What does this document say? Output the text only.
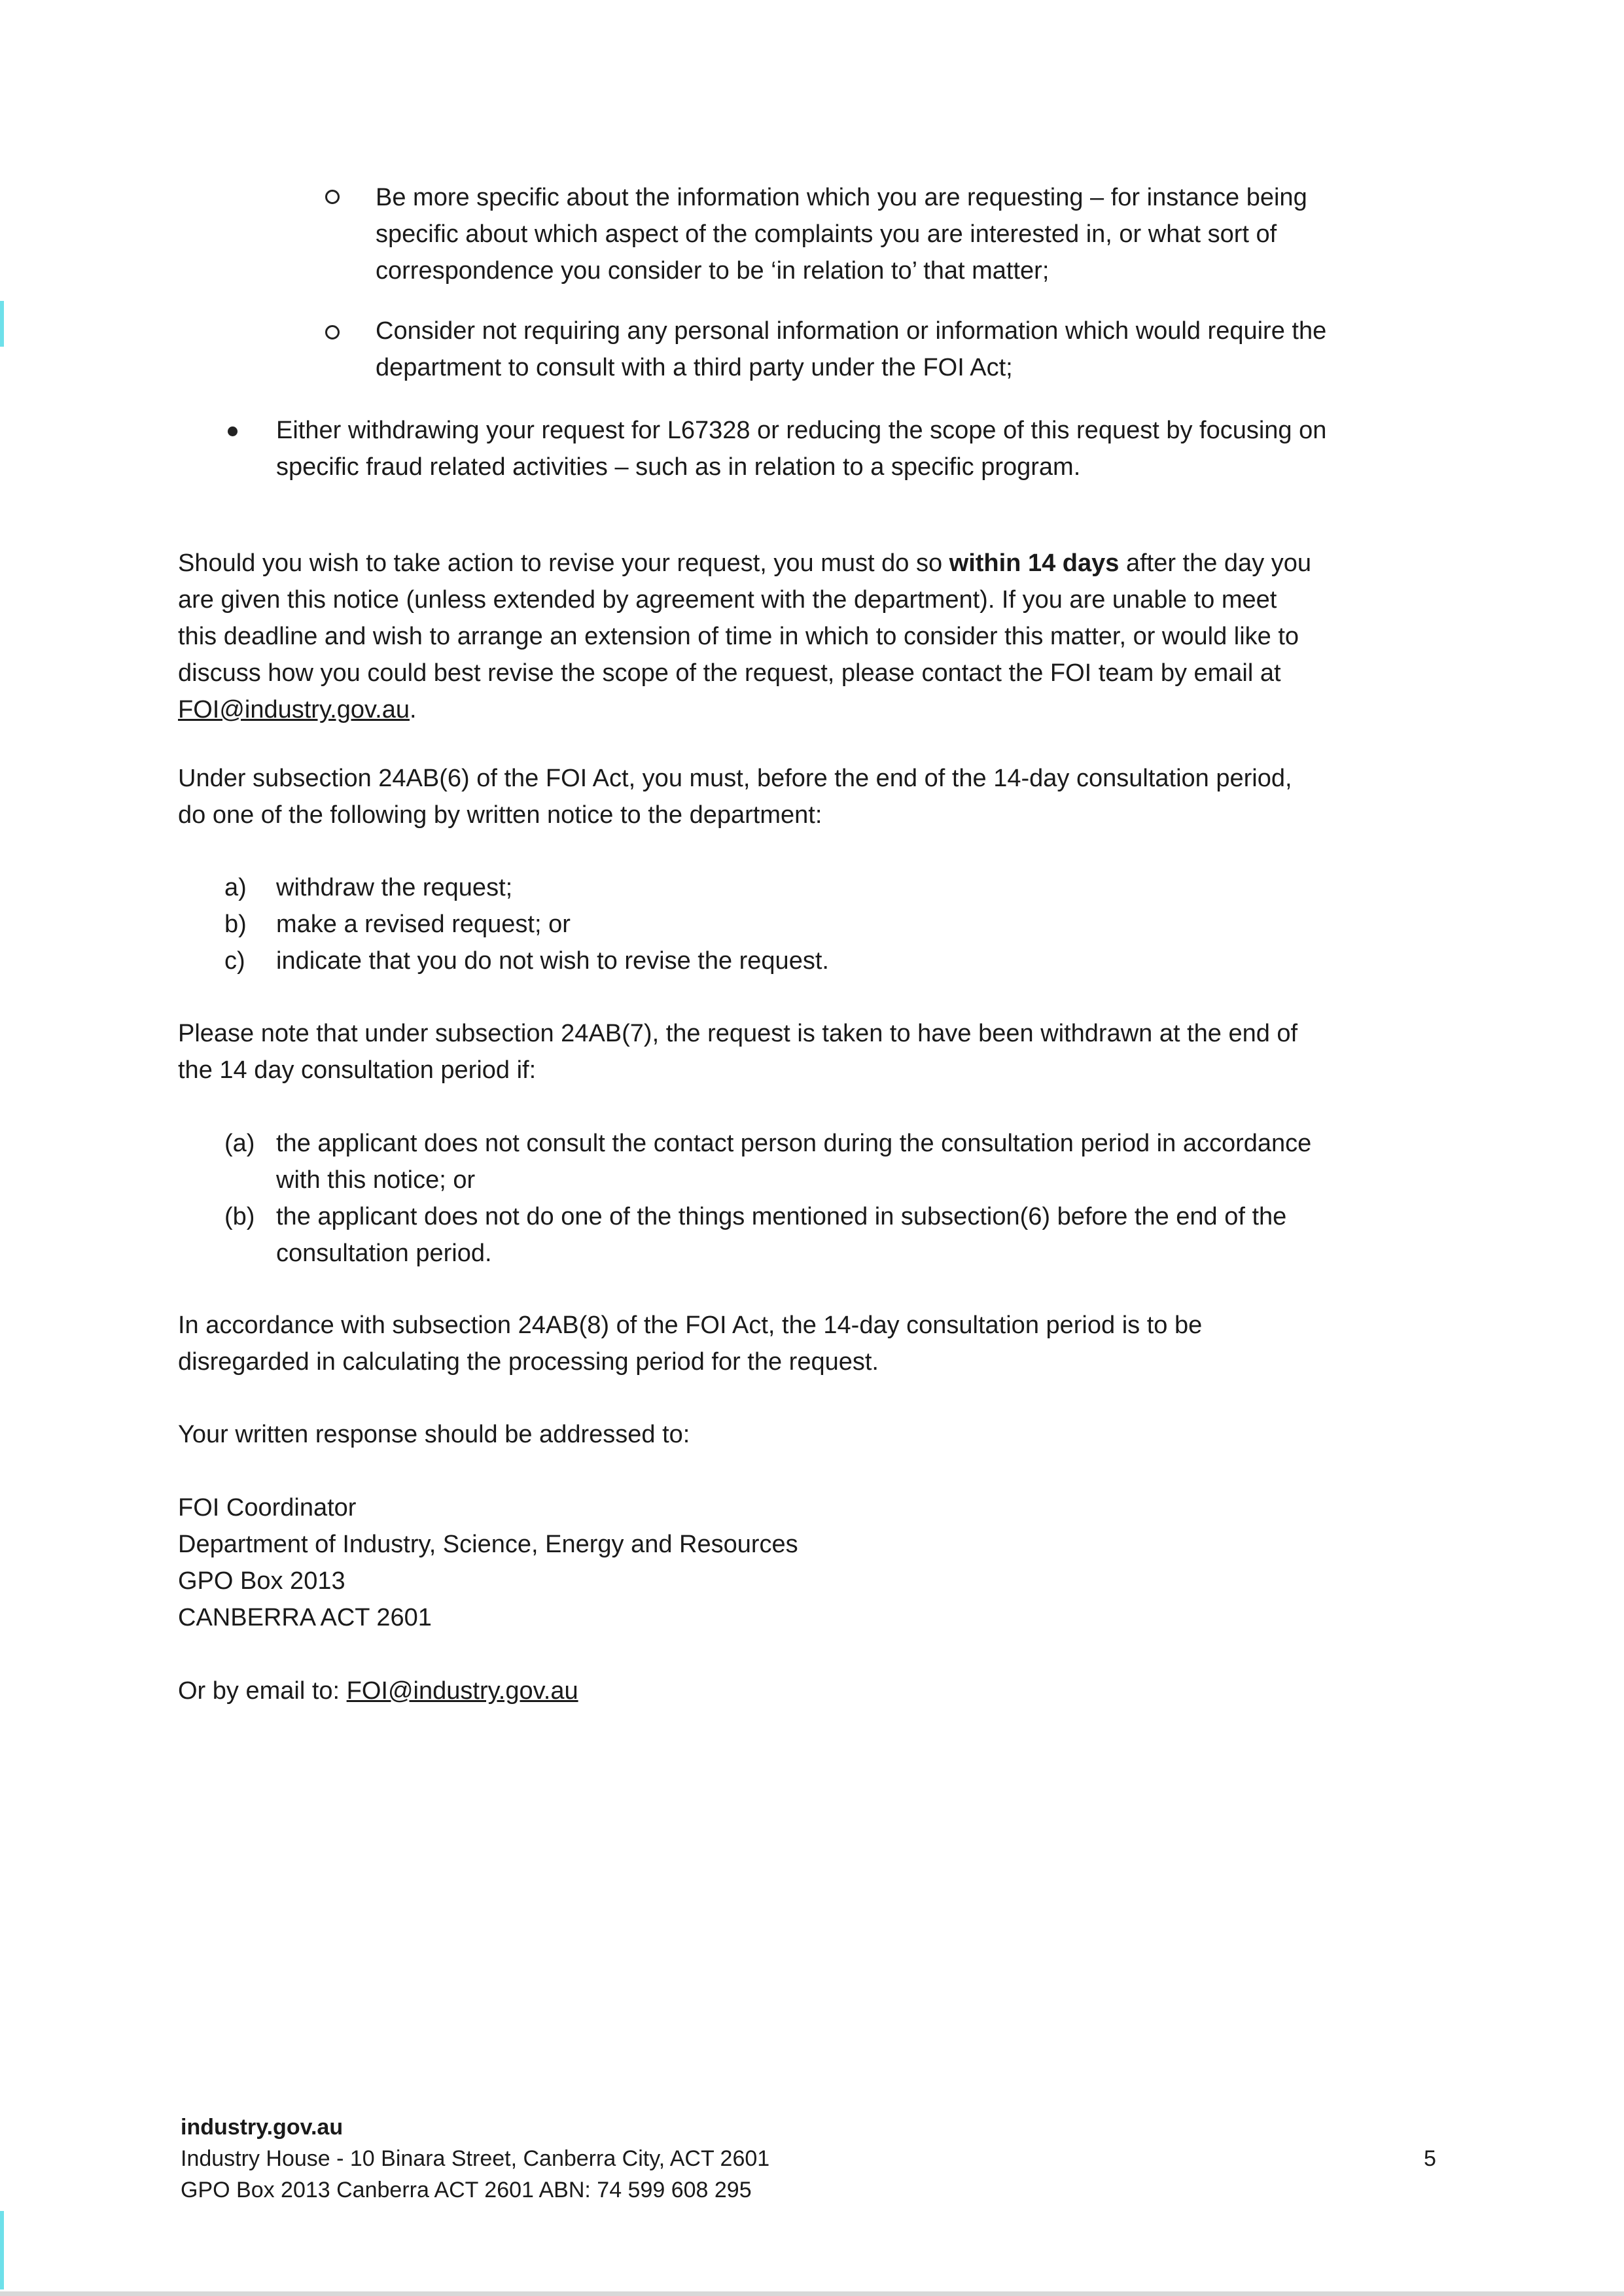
Be more specific about the information which you are requesting – for instance being
specific about which aspect of the complaints you are interested in, or what sort of
correspondence you consider to be ‘in relation to’ that matter;

Consider not requiring any personal information or information which would require the
department to consult with a third party under the FOI Act;

Either withdrawing your request for L67328 or reducing the scope of this request by focusing on
specific fraud related activities – such as in relation to a specific program.

Should you wish to take action to revise your request, you must do so within 14 days after the day you
are given this notice (unless extended by agreement with the department). If you are unable to meet
this deadline and wish to arrange an extension of time in which to consider this matter, or would like to
discuss how you could best revise the scope of the request, please contact the FOI team by email at
FOI@industry.gov.au.

Under subsection 24AB(6) of the FOI Act, you must, before the end of the 14-day consultation period,
do one of the following by written notice to the department:

a) withdraw the request;
b) make a revised request; or
c) indicate that you do not wish to revise the request.

Please note that under subsection 24AB(7), the request is taken to have been withdrawn at the end of
the 14 day consultation period if:

(a) the applicant does not consult the contact person during the consultation period in accordance
with this notice; or

(b) the applicant does not do one of the things mentioned in subsection(6) before the end of the
consultation period.

In accordance with subsection 24AB(8) of the FOI Act, the 14-day consultation period is to be
disregarded in calculating the processing period for the request.

Your written response should be addressed to:

FOI Coordinator
Department of Industry, Science, Energy and Resources
GPO Box 2013
CANBERRA ACT 2601

Or by email to: FOI@industry.gov.au

industry.gov.au
Industry House - 10 Binara Street, Canberra City, ACT 2601
GPO Box 2013 Canberra ACT 2601 ABN: 74 599 608 295
5
